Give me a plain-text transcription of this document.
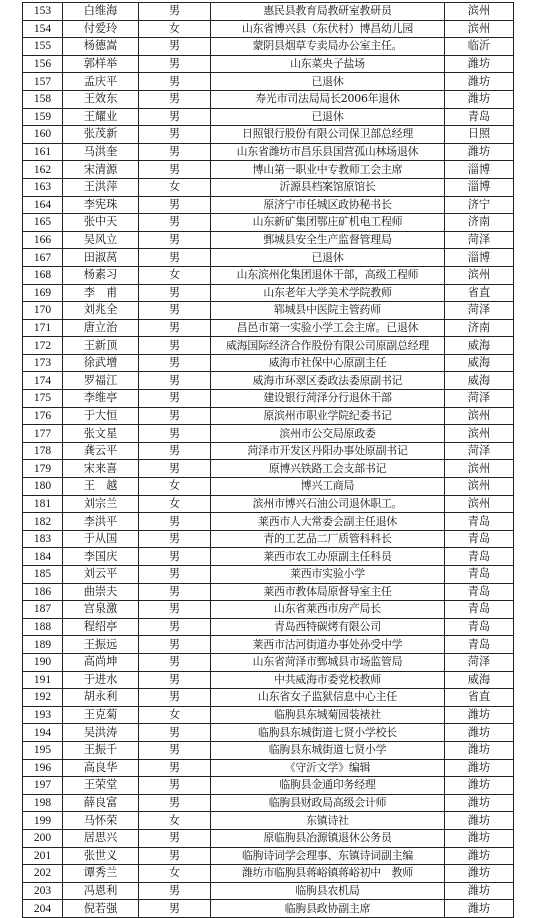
153	白维海	男	惠民县教育局教研室教研员	滨州
154	付爱玲	女	山东省博兴县（东伏村）博昌幼儿园	滨州
155	杨德嵩	男	蒙阴县烟草专卖局办公室主任。	临沂
156	郭样举	男	山东菜央子盐场	潍坊
157	孟庆平	男	已退休	潍坊
158	王效东	男	寿光市司法局局长2006年退休	潍坊
159	王耀业	男	已退休	青岛
160	张茂新	男	日照银行股份有限公司保卫部总经理	日照
161	马洪奎	男	山东省潍坊市昌乐县国营孤山林场退休	潍坊
162	宋清源	男	博山第一职业中专教师工会主席	淄博
163	王洪萍	女	沂源县档案馆原馆长	淄博
164	李宪珠	男	原济宁市任城区政协秘书长	济宁
165	张中天	男	山东新矿集团鄂庄矿机电工程师	济南
166	吴风立	男	鄄城县安全生产监督管理局	菏泽
167	田淑莴	男	已退休	淄博
168	杨素习	女	山东滨州化集团退休干部，高级工程师	滨州
169	李　甫	男	山东老年大学美术学院教师	省直
170	刘兆全	男	郓城县中医院主管药师	菏泽
171	唐立治	男	昌邑市第一实验小学工会主席。已退休	济南
172	王新顶	男	威海国际经济合作股份有限公司原副总经理	威海
173	徐武增	男	威海市社保中心原副主任	威海
174	罗福江	男	威海市环翠区委政法委原副书记	威海
175	李维亭	男	建设银行菏泽分行退休干部	菏泽
176	于大恒	男	原滨州市职业学院纪委书记	滨州
177	张文星	男	滨州市公交局原政委	滨州
178	龚云平	男	菏泽市开发区丹阳办事处原副书记	菏泽
179	宋来喜	男	原博兴铁路工会支部书记	滨州
180	王　越	女	博兴工商局	滨州
181	刘宗兰	女	滨州市博兴石油公司退休职工。	滨州
182	李洪平	男	莱西市人大常委会副主任退休	青岛
183	于从国	男	青的工艺品二厂质管科科长	青岛
184	李国庆	男	莱西市农工办原副主任科员	青岛
185	刘云平	男	莱西市实验小学	青岛
186	曲崇夫	男	莱西市教体局原督导室主任	青岛
187	宫泉激	男	山东省莱西市房产局长	青岛
188	程绍亭	男	青岛西特碳烤有限公司	青岛
189	王振远	男	莱西市沽河街道办事处孙受中学	青岛
190	高尚坤	男	山东省菏泽市鄄城县市场监管局	菏泽
191	于进水	男	中共威海市委党校教师	威海
192	胡永利	男	山东省女子监狱信息中心主任	省直
193	王克菊	女	临朐县东城菊园装裱社	潍坊
194	吴洪涛	男	临朐县东城街道七贤小学校长	潍坊
195	王振千	男	临朐县东城街道七贤小学	潍坊
196	高良华	男	《守沂文学》编辑	潍坊
197	王荣堂	男	临朐县金通印务经理	潍坊
198	薛良富	男	临朐县财政局高级会计师	潍坊
199	马怀荣	女	东镇诗社	潍坊
200	居思兴	男	原临朐县冶源镇退休公务员	潍坊
201	张世义	男	临朐诗词学会理事、东镇诗词副主编	潍坊
202	谭秀兰	女	潍坊市临朐县蒋峪镇蒋峪初中　教师	潍坊
203	冯恩利	男	临朐县农机局	潍坊
204	倪若强	男	临朐县政协副主席	潍坊
